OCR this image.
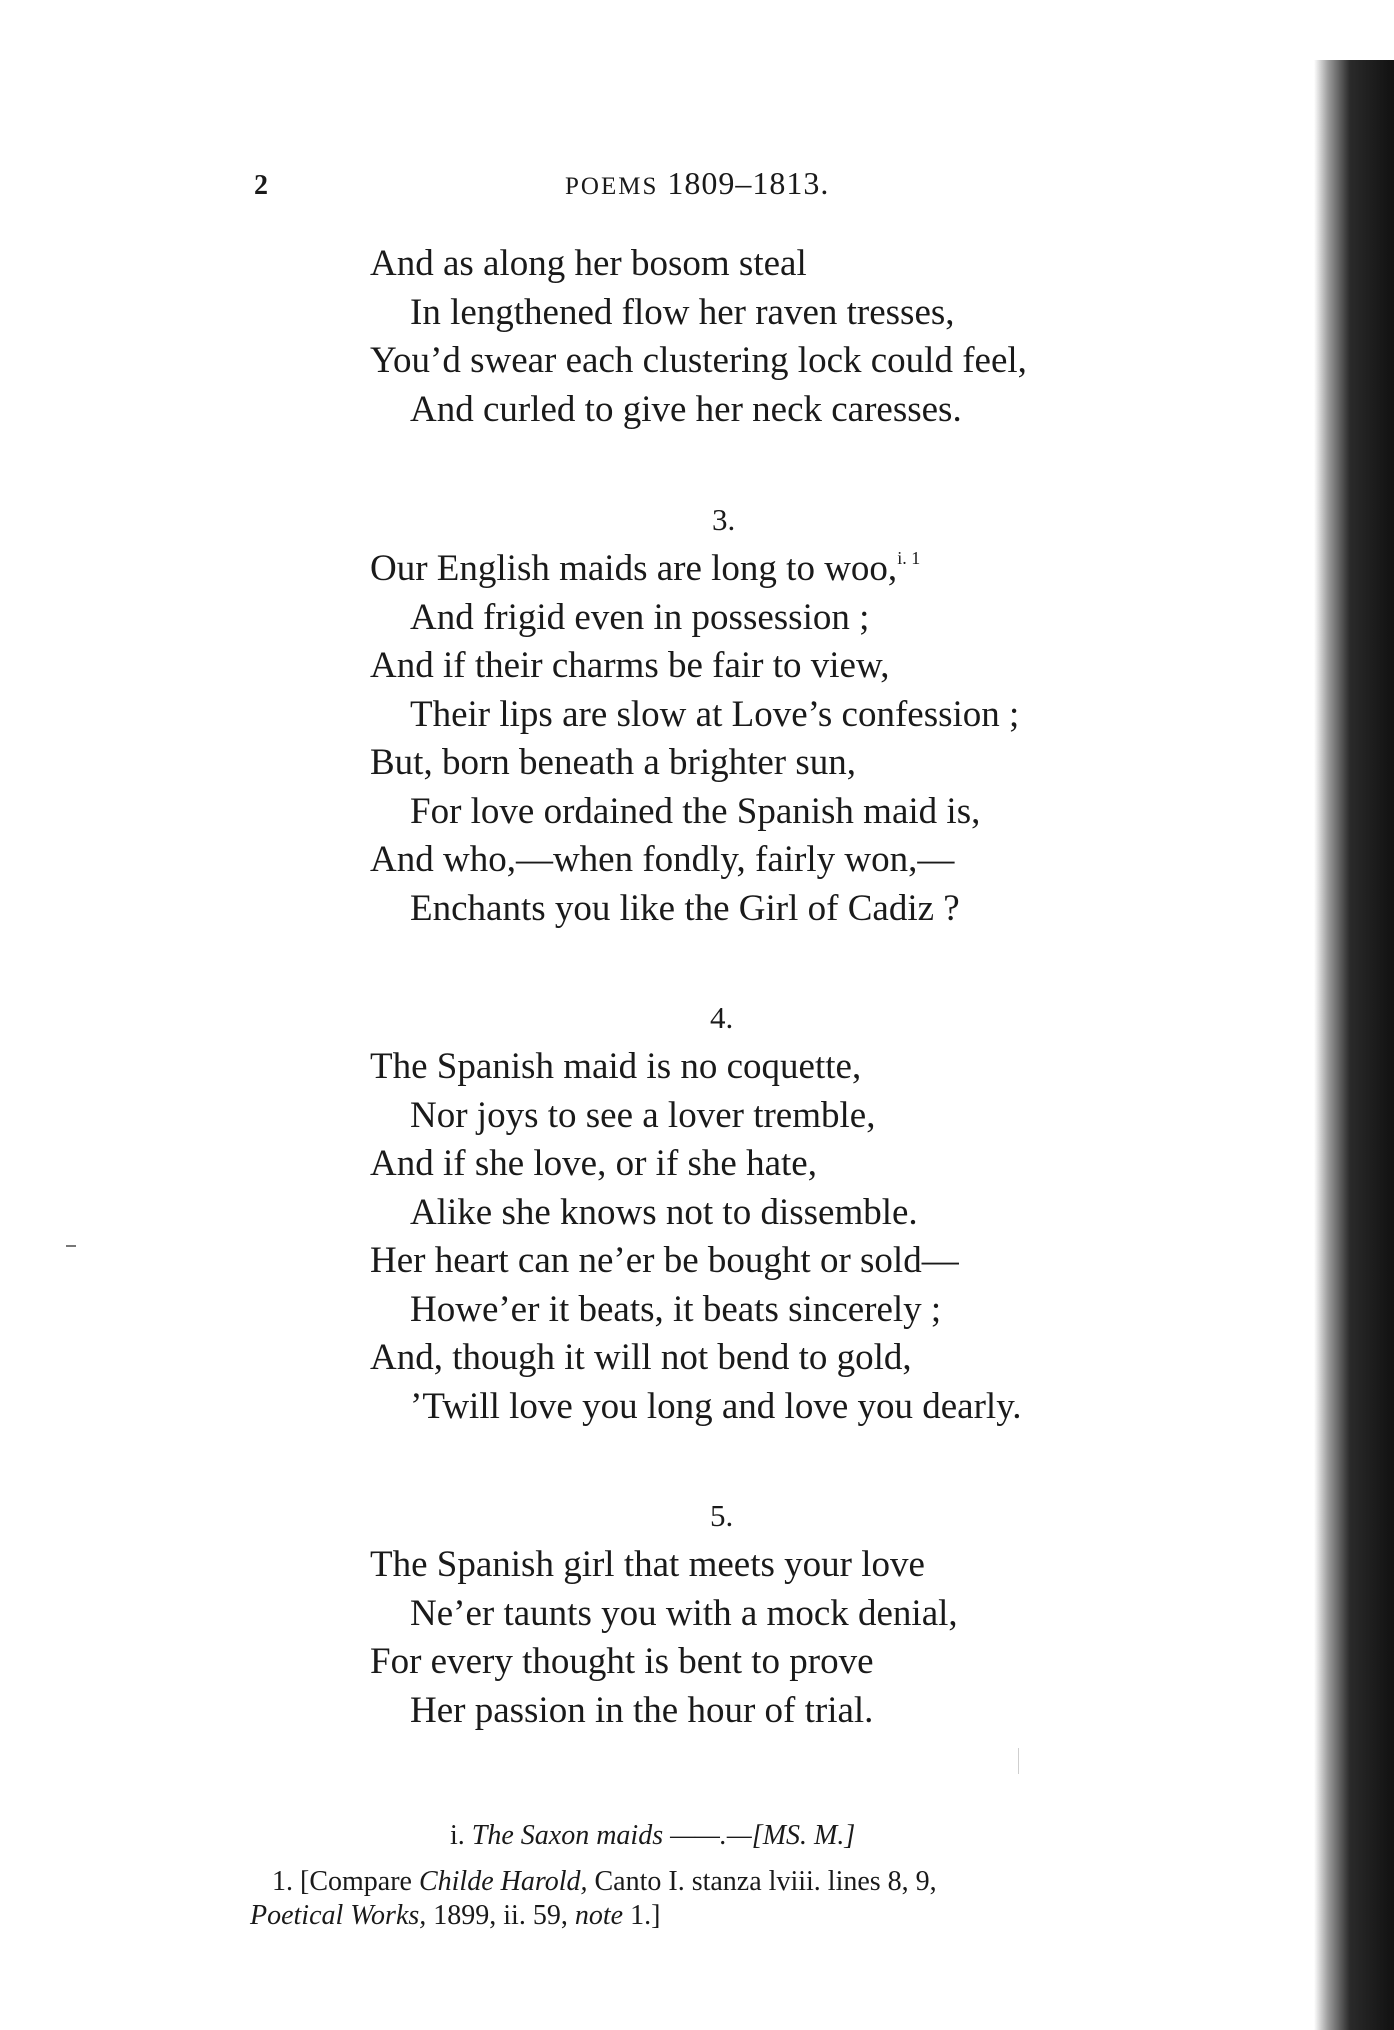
2	POEMS 1809–1813.
And as along her bosom steal
In lengthened flow her raven tresses,
You’d swear each clustering lock could feel,
And curled to give her neck caresses.
3.
Our English maids are long to woo,$^{i. 1}$
And frigid even in possession ;
And if their charms be fair to view,
Their lips are slow at Love’s confession ;
But, born beneath a brighter sun,
For love ordained the Spanish maid is,
And who,—when fondly, fairly won,—
Enchants you like the Girl of Cadiz ?
4.
The Spanish maid is no coquette,
Nor joys to see a lover tremble,
And if she love, or if she hate,
Alike she knows not to dissemble.
Her heart can ne’er be bought or sold—
Howe’er it beats, it beats sincerely ;
And, though it will not bend to gold,
’Twill love you long and love you dearly.
5.
The Spanish girl that meets your love
Ne’er taunts you with a mock denial,
For every thought is bent to prove
Her passion in the hour of trial.
i. The Saxon maids ——.—[MS. M.]
1. [Compare Childe Harold, Canto I. stanza lviii. lines 8, 9,
Poetical Works, 1899, ii. 59, note 1.]
